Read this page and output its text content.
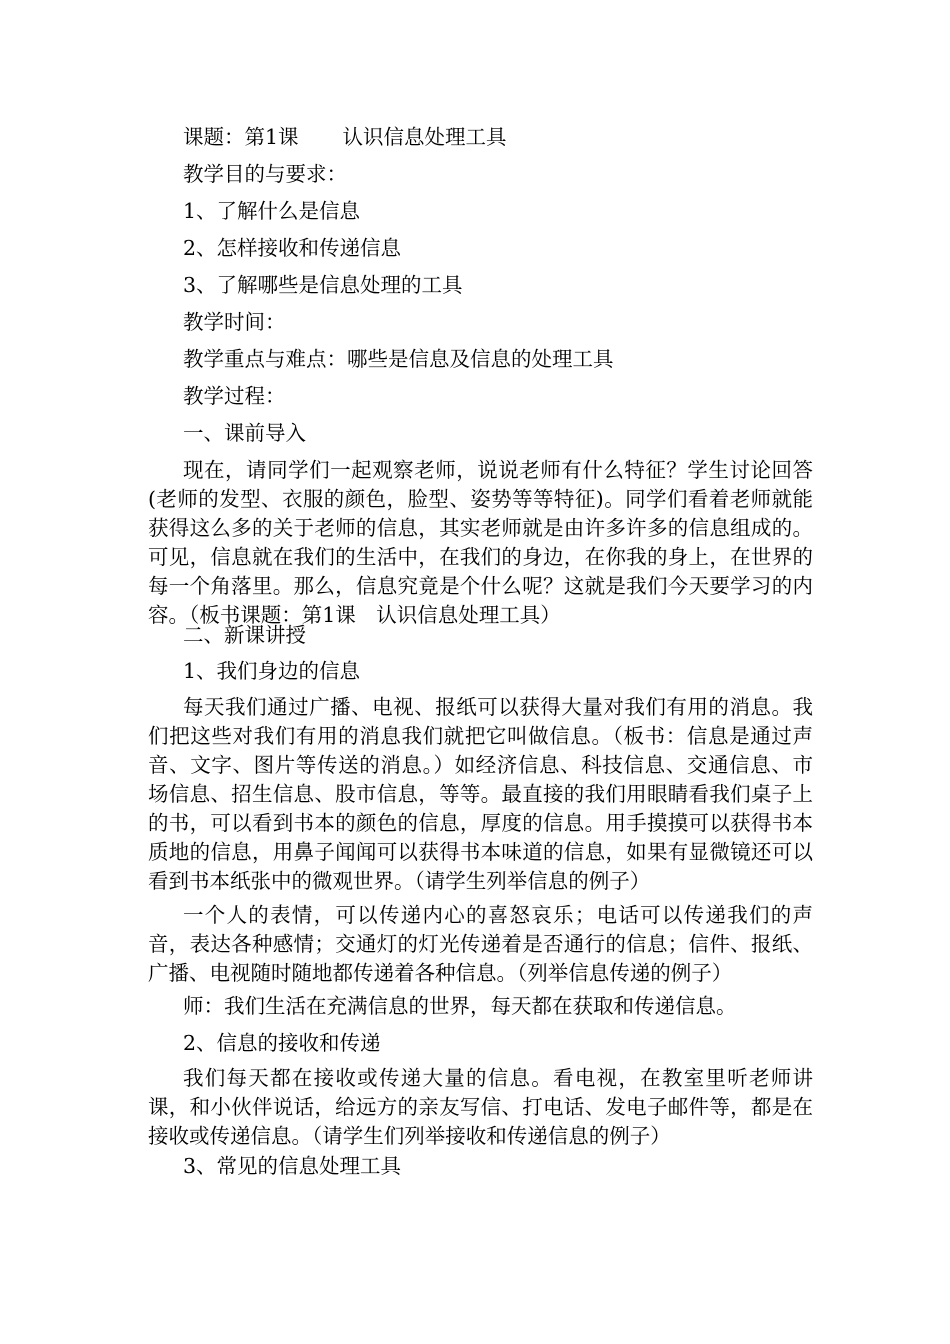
课题：第1课 认识信息处理工具
教学目的与要求：
1、了解什么是信息
2、怎样接收和传递信息
3、了解哪些是信息处理的工具
教学时间：
教学重点与难点：哪些是信息及信息的处理工具
教学过程：
一、课前导入
现在，请同学们一起观察老师，说说老师有什么特征？学生讨论回答(老师的发型、衣服的颜色，脸型、姿势等等特征)。同学们看着老师就能获得这么多的关于老师的信息，其实老师就是由许多许多的信息组成的。可见，信息就在我们的生活中，在我们的身边，在你我的身上，在世界的每一个角落里。那么，信息究竟是个什么呢？这就是我们今天要学习的内容。（板书课题：第1课　认识信息处理工具）
二、新课讲授
1、我们身边的信息
每天我们通过广播、电视、报纸可以获得大量对我们有用的消息。我们把这些对我们有用的消息我们就把它叫做信息。（板书：信息是通过声音、文字、图片等传送的消息。）如经济信息、科技信息、交通信息、市场信息、招生信息、股市信息，等等。最直接的我们用眼睛看我们桌子上的书，可以看到书本的颜色的信息，厚度的信息。用手摸摸可以获得书本质地的信息，用鼻子闻闻可以获得书本味道的信息，如果有显微镜还可以看到书本纸张中的微观世界。（请学生列举信息的例子）
一个人的表情，可以传递内心的喜怒哀乐；电话可以传递我们的声音，表达各种感情；交通灯的灯光传递着是否通行的信息；信件、报纸、广播、电视随时随地都传递着各种信息。（列举信息传递的例子）
师：我们生活在充满信息的世界，每天都在获取和传递信息。
2、信息的接收和传递
我们每天都在接收或传递大量的信息。看电视，在教室里听老师讲课，和小伙伴说话，给远方的亲友写信、打电话、发电子邮件等，都是在接收或传递信息。（请学生们列举接收和传递信息的例子）
3、常见的信息处理工具
